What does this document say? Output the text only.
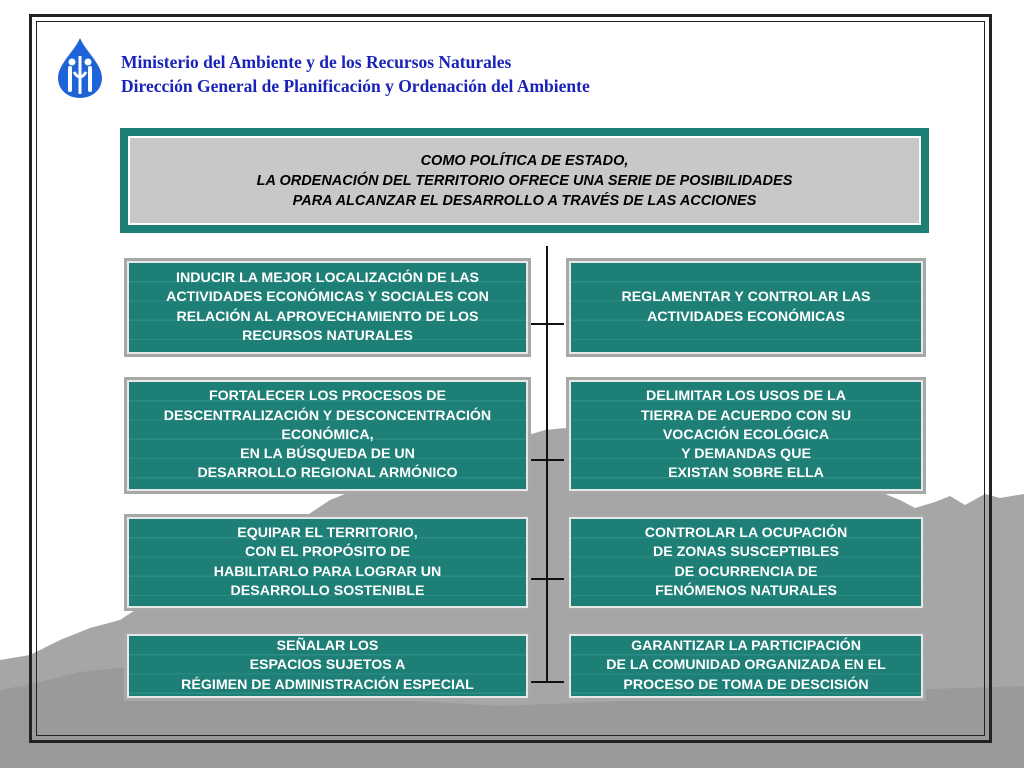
Ministerio del Ambiente y de los Recursos Naturales
Dirección General de Planificación y Ordenación del Ambiente
COMO POLÍTICA DE ESTADO,
LA ORDENACIÓN DEL TERRITORIO OFRECE UNA SERIE DE POSIBILIDADES
PARA ALCANZAR EL DESARROLLO A TRAVÉS DE LAS ACCIONES
INDUCIR LA MEJOR LOCALIZACIÓN DE LAS
ACTIVIDADES ECONÓMICAS Y SOCIALES CON
RELACIÓN AL APROVECHAMIENTO DE LOS
RECURSOS NATURALES
FORTALECER LOS PROCESOS DE
DESCENTRALIZACIÓN Y DESCONCENTRACIÓN
ECONÓMICA,
EN LA BÚSQUEDA DE UN
DESARROLLO REGIONAL ARMÓNICO
EQUIPAR EL TERRITORIO,
CON EL PROPÓSITO DE
HABILITARLO PARA LOGRAR UN
DESARROLLO SOSTENIBLE
SEÑALAR LOS
ESPACIOS SUJETOS A
RÉGIMEN DE ADMINISTRACIÓN ESPECIAL
REGLAMENTAR Y CONTROLAR LAS
ACTIVIDADES ECONÓMICAS
DELIMITAR LOS USOS DE LA
TIERRA DE ACUERDO CON SU
VOCACIÓN ECOLÓGICA
Y DEMANDAS QUE
EXISTAN SOBRE ELLA
CONTROLAR LA OCUPACIÓN
DE ZONAS SUSCEPTIBLES
DE OCURRENCIA DE
FENÓMENOS NATURALES
GARANTIZAR LA PARTICIPACIÓN
DE LA COMUNIDAD ORGANIZADA EN EL
PROCESO DE TOMA DE DESCISIÓN
